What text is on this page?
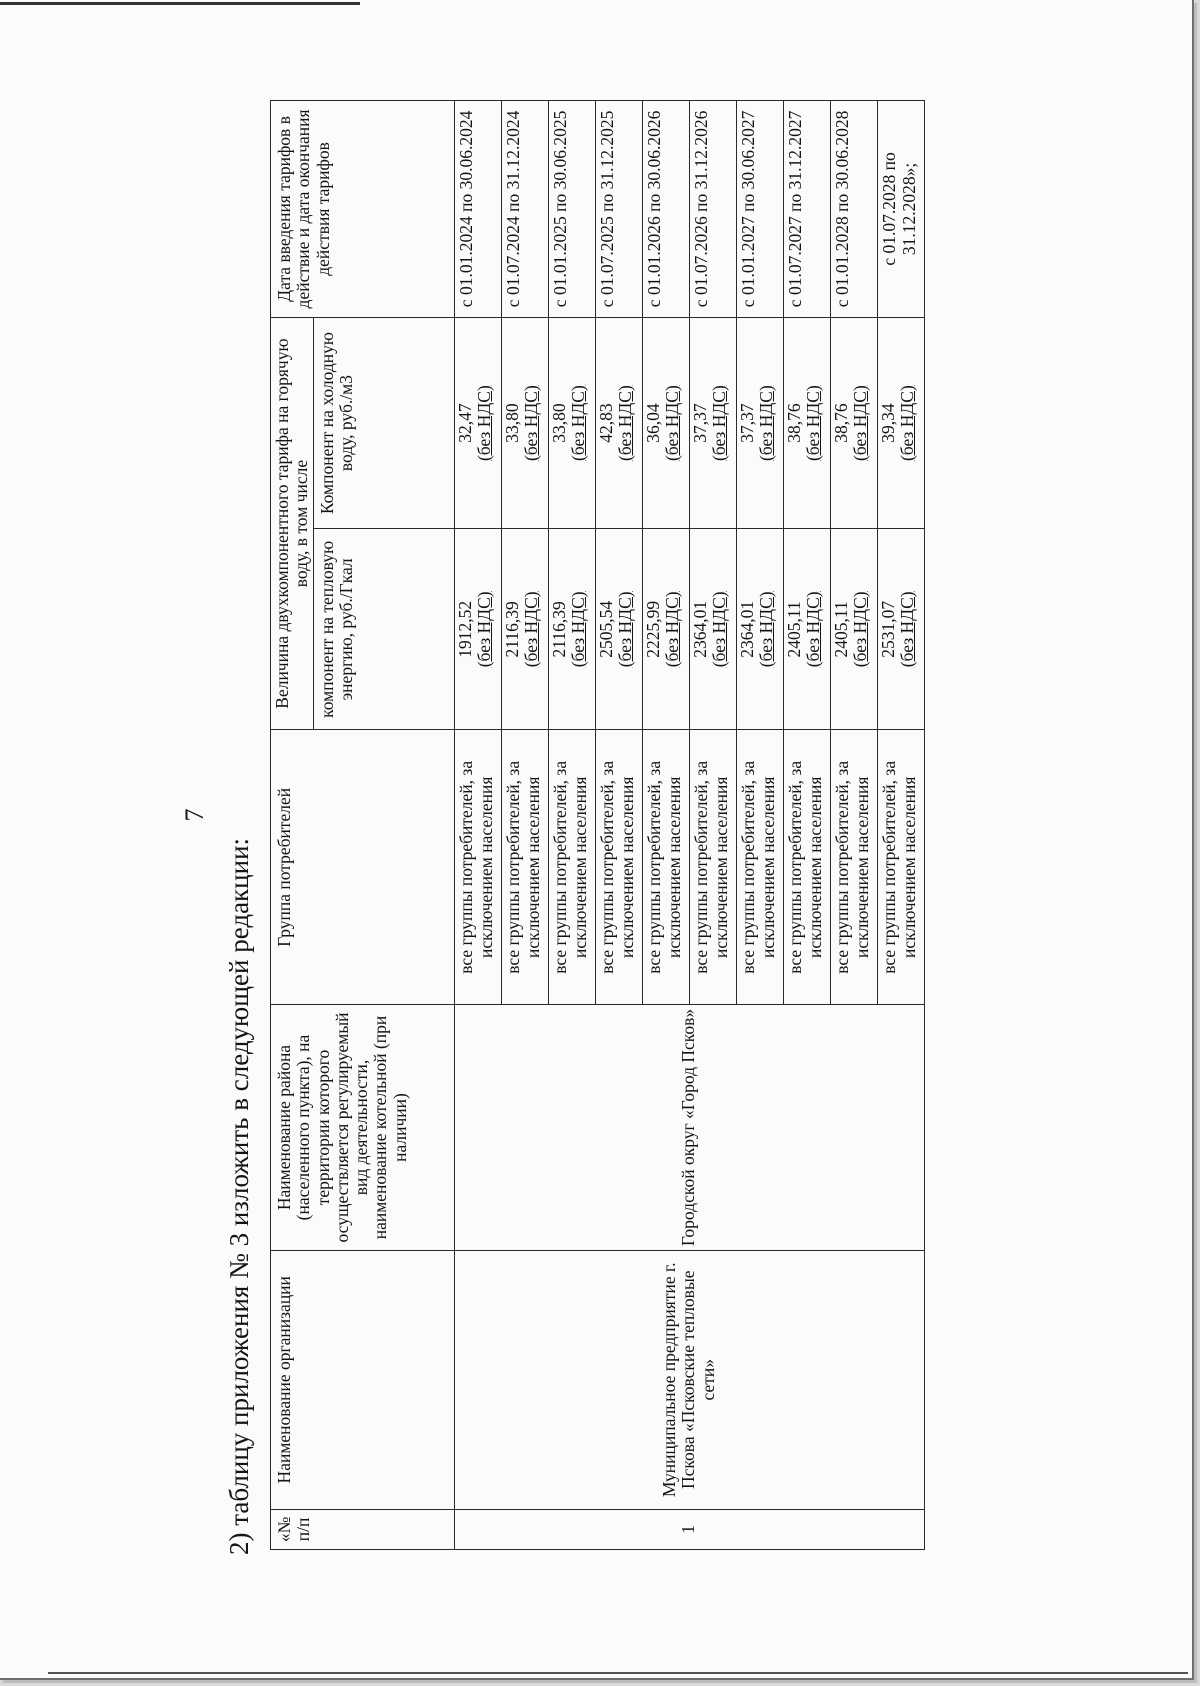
7
2) таблицу приложения № 3 изложить в следующей редакции: «№ п/п	Наименование организации	Наименование района (населенного пункта), на территории которого осуществляется регулируемый вид деятельности, наименование котельной (при наличии)	Группа потребителей	Величина двухкомпонентного тарифа на горячую воду, в том числе		Дата введения тарифов в действие и дата окончания действия тарифов
				компонент на тепловую энергию, руб./Гкал	Компонент на холодную воду, руб./м3	
1	Муниципальное предприятие г. Пскова «Псковские тепловые сети»	Городской округ «Город Псков»	все группы потребителей, за исключением населения	1912,52 (без НДС)	32,47 (без НДС)	с 01.01.2024 по 30.06.2024
			все группы потребителей, за исключением населения	2116,39 (без НДС)	33,80 (без НДС)	с 01.07.2024 по 31.12.2024
			все группы потребителей, за исключением населения	2116,39 (без НДС)	33,80 (без НДС)	с 01.01.2025 по 30.06.2025
			все группы потребителей, за исключением населения	2505,54 (без НДС)	42,83 (без НДС)	с 01.07.2025 по 31.12.2025
			все группы потребителей, за исключением населения	2225,99 (без НДС)	36,04 (без НДС)	с 01.01.2026 по 30.06.2026
			все группы потребителей, за исключением населения	2364,01 (без НДС)	37,37 (без НДС)	с 01.07.2026 по 31.12.2026
			все группы потребителей, за исключением населения	2364,01 (без НДС)	37,37 (без НДС)	с 01.01.2027 по 30.06.2027
			все группы потребителей, за исключением населения	2405,11 (без НДС)	38,76 (без НДС)	с 01.07.2027 по 31.12.2027
			все группы потребителей, за исключением населения	2405,11 (без НДС)	38,76 (без НДС)	с 01.01.2028 по 30.06.2028
			все группы потребителей, за исключением населения	2531,07 (без НДС)	39,34 (без НДС)	с 01.07.2028 по 31.12.2028»;
